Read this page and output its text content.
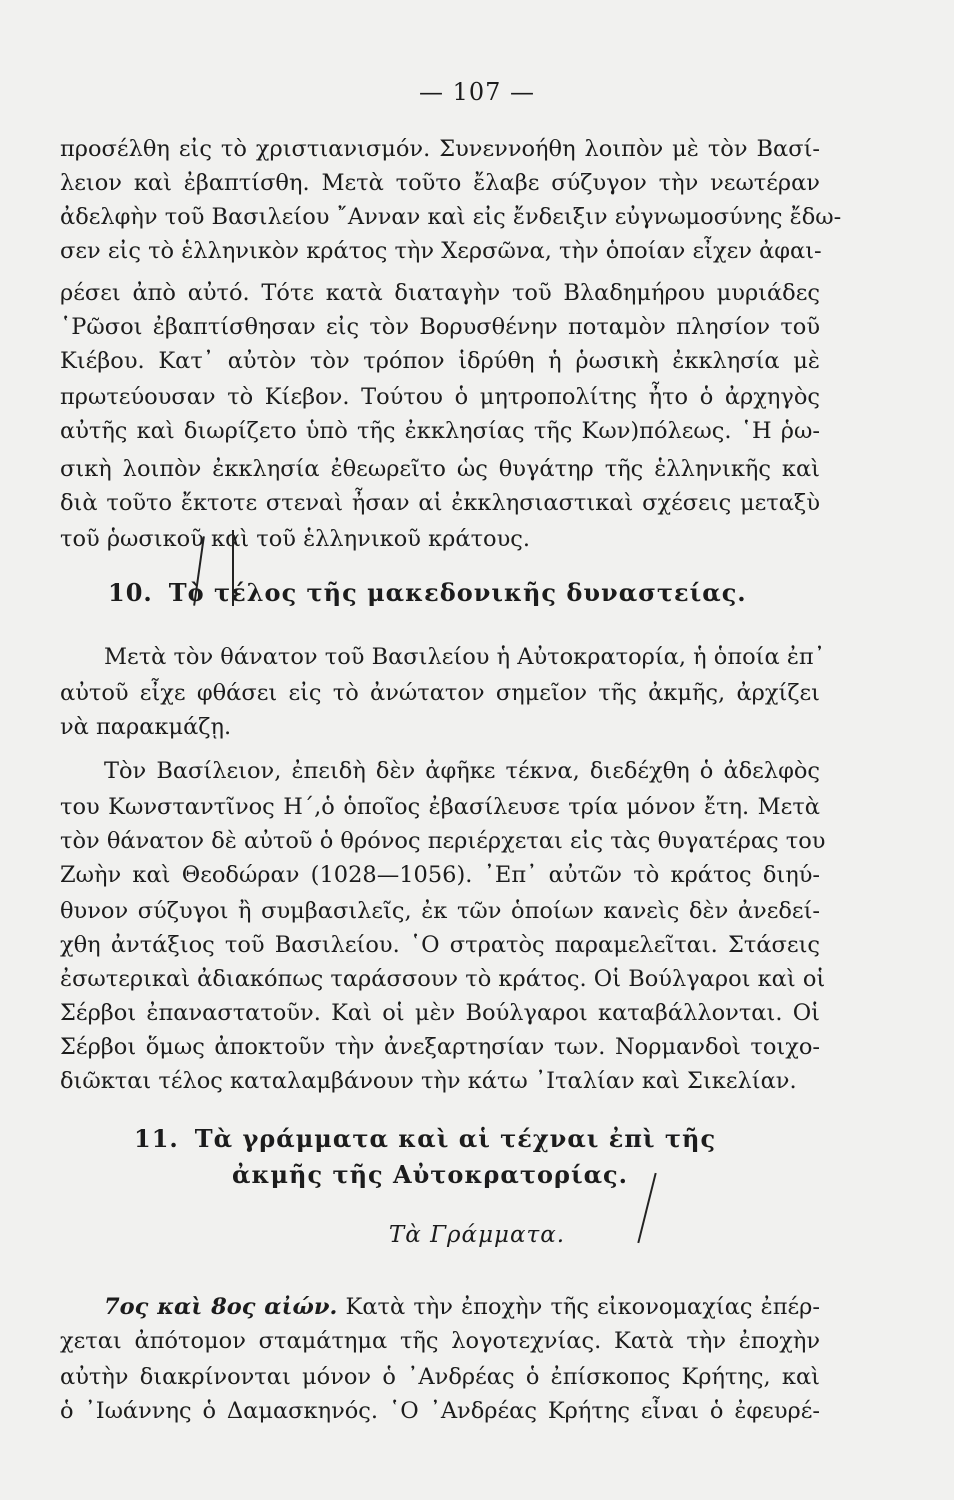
— 107 —
προσέλθη εἰς τὸ χριστιανισμόν. Συνεννοήθη λοιπὸν μὲ τὸν Βασί-
λειον καὶ ἐβαπτίσθη. Μετὰ τοῦτο ἔλαβε σύζυγον τὴν νεωτέραν
ἀδελφὴν τοῦ Βασιλείου ῎Ανναν καὶ εἰς ἔνδειξιν εὐγνωμοσύνης ἔδω-
σεν εἰς τὸ ἑλληνικὸν κράτος τὴν Χερσῶνα, τὴν ὁποίαν εἶχεν ἀφαι-
ρέσει ἀπὸ αὐτό. Τότε κατὰ διαταγὴν τοῦ Βλαδημήρου μυριάδες
῾Ρῶσοι ἐβαπτίσθησαν εἰς τὸν Βορυσθένην ποταμὸν πλησίον τοῦ
Κιέβου. Κατ᾽ αὐτὸν τὸν τρόπον ἱδρύθη ἡ ῥωσικὴ ἐκκλησία μὲ
πρωτεύουσαν τὸ Κίεβον. Τούτου ὁ μητροπολίτης ἦτο ὁ ἀρχηγὸς
αὐτῆς καὶ διωρίζετο ὑπὸ τῆς ἐκκλησίας τῆς Κων)πόλεως. ῾Η ῥω-
σικὴ λοιπὸν ἐκκλησία ἐθεωρεῖτο ὡς θυγάτηρ τῆς ἑλληνικῆς καὶ
διὰ τοῦτο ἔκτοτε στεναὶ ἦσαν αἱ ἐκκλησιαστικαὶ σχέσεις μεταξὺ
τοῦ ῥωσικοῦ καὶ τοῦ ἑλληνικοῦ κράτους.
10. Τὸ τέλος τῆς μακεδονικῆς δυναστείας.
Μετὰ τὸν θάνατον τοῦ Βασιλείου ἡ Αὐτοκρατορία, ἡ ὁποία ἐπ᾽
αὐτοῦ εἶχε φθάσει εἰς τὸ ἀνώτατον σημεῖον τῆς ἀκμῆς, ἀρχίζει
νὰ παρακμάζῃ.
Τὸν Βασίλειον, ἐπειδὴ δὲν ἀφῆκε τέκνα, διεδέχθη ὁ ἀδελφὸς
του Κωνσταντῖνος Η΄,ὁ ὁποῖος ἐβασίλευσε τρία μόνον ἔτη. Μετὰ
τὸν θάνατον δὲ αὐτοῦ ὁ θρόνος περιέρχεται εἰς τὰς θυγατέρας του
Ζωὴν καὶ Θεοδώραν (1028—1056). ᾽Επ᾽ αὐτῶν τὸ κράτος διηύ-
θυνον σύζυγοι ἢ συμβασιλεῖς, ἐκ τῶν ὁποίων κανεὶς δὲν ἀνεδεί-
χθη ἀντάξιος τοῦ Βασιλείου. ῾Ο στρατὸς παραμελεῖται. Στάσεις
ἐσωτερικαὶ ἀδιακόπως ταράσσουν τὸ κράτος. Οἱ Βούλγαροι καὶ οἱ
Σέρβοι ἐπαναστατοῦν. Καὶ οἱ μὲν Βούλγαροι καταβάλλονται. Οἱ
Σέρβοι ὅμως ἀποκτοῦν τὴν ἀνεξαρτησίαν των. Νορμανδοὶ τοιχο-
διῶκται τέλος καταλαμβάνουν τὴν κάτω ᾽Ιταλίαν καὶ Σικελίαν.
11. Τὰ γράμματα καὶ αἱ τέχναι ἐπὶ τῆς
ἀκμῆς τῆς Αὐτοκρατορίας.
Τὰ Γράμματα.
7ος καὶ 8ος αἰών. Κατὰ τὴν ἐποχὴν τῆς εἰκονομαχίας ἐπέρ-
χεται ἀπότομον σταμάτημα τῆς λογοτεχνίας. Κατὰ τὴν ἐποχὴν
αὐτὴν διακρίνονται μόνον ὁ ᾽Ανδρέας ὁ ἐπίσκοπος Κρήτης, καὶ
ὁ ᾽Ιωάννης ὁ Δαμασκηνός. ῾Ο ᾽Ανδρέας Κρήτης εἶναι ὁ ἐφευρέ-
